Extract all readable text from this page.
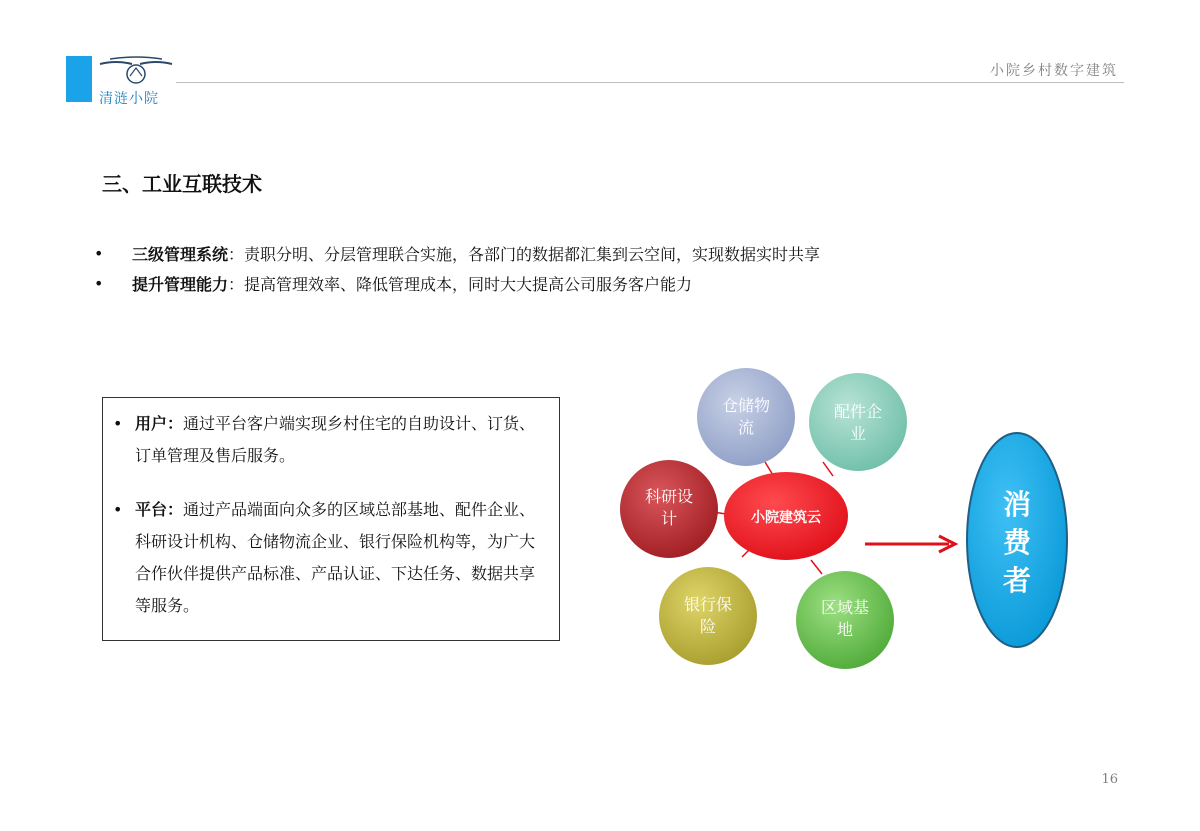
清涟小院
小院乡村数字建筑
三、工业互联技术
•	三级管理系统 ： 责职分明、分层管理联合实施，各部门的数据都汇集到云空间，实现数据实时共享
•	提升管理能力 ： 提高管理效率、降低管理成本，同时大大提高公司服务客户能力
• 用户：通过平台客户端实现乡村住宅的自助设计、订货、订单管理及售后服务。
• 平台：通过产品端面向众多的区域总部基地、配件企业、科研设计机构、仓储物流企业、银行保险机构等，为广大合作伙伴提供产品标准、产品认证、下达任务、数据共享等服务。
小院建筑云
仓储物
流
配件企
业
科研设
计
银行保
险
区域基
地
消
费
者
16
